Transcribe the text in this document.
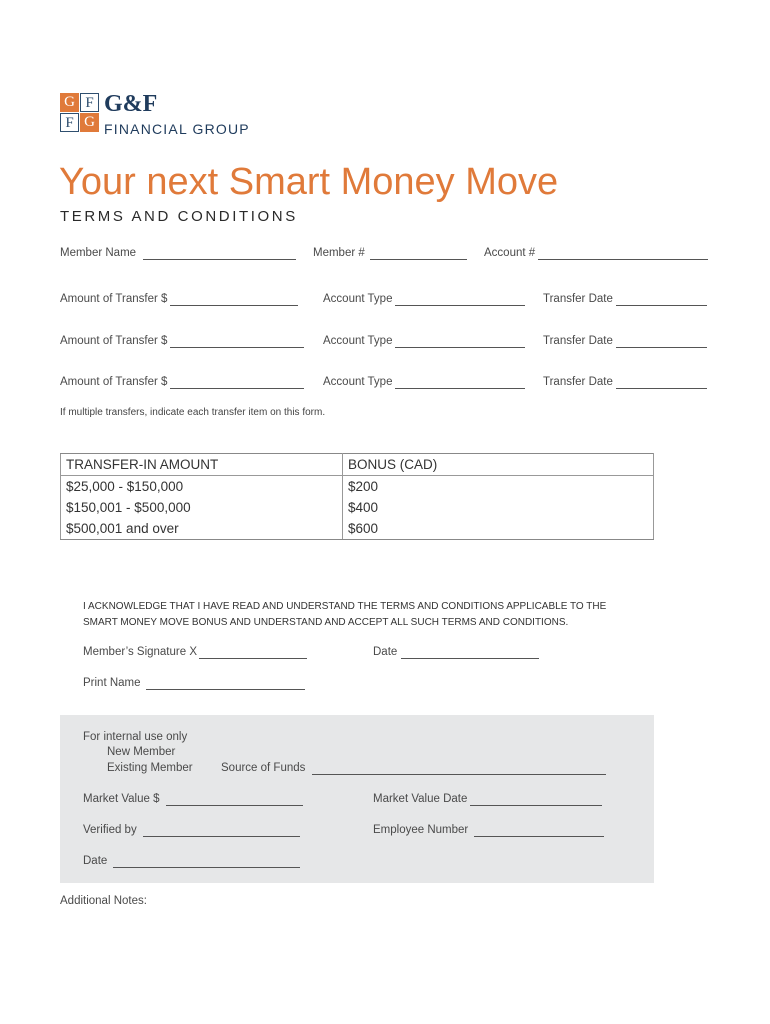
G F
F G
G&F
FINANCIAL GROUP
Your next Smart Money Move
TERMS AND CONDITIONS
Member Name	Member #	Account #
Amount of Transfer $	Account Type	Transfer Date
Amount of Transfer $	Account Type	Transfer Date
Amount of Transfer $	Account Type	Transfer Date
If multiple transfers, indicate each transfer item on this form.
TRANSFER-IN AMOUNT	BONUS (CAD)
$25,000 - $150,000	$200
$150,001 - $500,000	$400
$500,001 and over	$600
I ACKNOWLEDGE THAT I HAVE READ AND UNDERSTAND THE TERMS AND CONDITIONS APPLICABLE TO THE
SMART MONEY MOVE BONUS AND UNDERSTAND AND ACCEPT ALL SUCH TERMS AND CONDITIONS.
Member’s Signature X	Date
Print Name
For internal use only
New Member
Existing Member Source of Funds
Market Value $	Market Value Date
Verified by	Employee Number
Date
Additional Notes:
